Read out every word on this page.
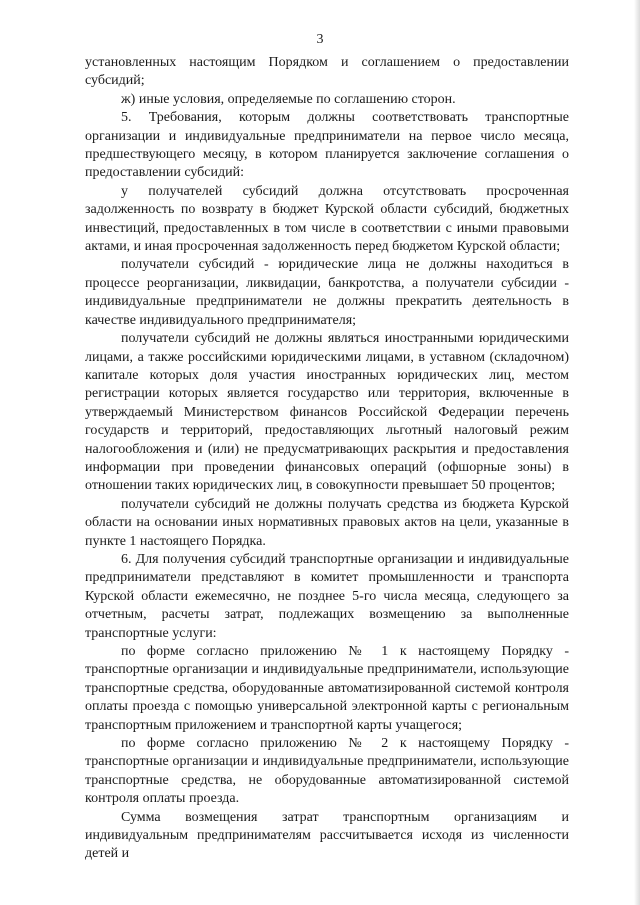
3

установленных настоящим Порядком и соглашением о предоставлении субсидий;

ж) иные условия, определяемые по соглашению сторон.

5. Требования, которым должны соответствовать транспортные организации и индивидуальные предприниматели на первое число месяца, предшествующего месяцу, в котором планируется заключение соглашения о предоставлении субсидий:

у получателей субсидий должна отсутствовать просроченная задолженность по возврату в бюджет Курской области субсидий, бюджетных инвестиций, предоставленных в том числе в соответствии с иными правовыми актами, и иная просроченная задолженность перед бюджетом Курской области;

получатели субсидий - юридические лица не должны находиться в процессе реорганизации, ликвидации, банкротства, а получатели субсидии - индивидуальные предприниматели не должны прекратить деятельность в качестве индивидуального предпринимателя;

получатели субсидий не должны являться иностранными юридическими лицами, а также российскими юридическими лицами, в уставном (складочном) капитале которых доля участия иностранных юридических лиц, местом регистрации которых является государство или территория, включенные в утверждаемый Министерством финансов Российской Федерации перечень государств и территорий, предоставляющих льготный налоговый режим налогообложения и (или) не предусматривающих раскрытия и предоставления информации при проведении финансовых операций (офшорные зоны) в отношении таких юридических лиц, в совокупности превышает 50 процентов;

получатели субсидий не должны получать средства из бюджета Курской области на основании иных нормативных правовых актов на цели, указанные в пункте 1 настоящего Порядка.

6. Для получения субсидий транспортные организации и индивидуальные предприниматели представляют в комитет промышленности и транспорта Курской области ежемесячно, не позднее 5-го числа месяца, следующего за отчетным, расчеты затрат, подлежащих возмещению за выполненные транспортные услуги:

по форме согласно приложению № 1 к настоящему Порядку - транспортные организации и индивидуальные предприниматели, использующие транспортные средства, оборудованные автоматизированной системой контроля оплаты проезда с помощью универсальной электронной карты с региональным транспортным приложением и транспортной карты учащегося;

по форме согласно приложению № 2 к настоящему Порядку - транспортные организации и индивидуальные предприниматели, использующие транспортные средства, не оборудованные автоматизированной системой контроля оплаты проезда.

Сумма возмещения затрат транспортным организациям и индивидуальным предпринимателям рассчитывается исходя из численности детей и
